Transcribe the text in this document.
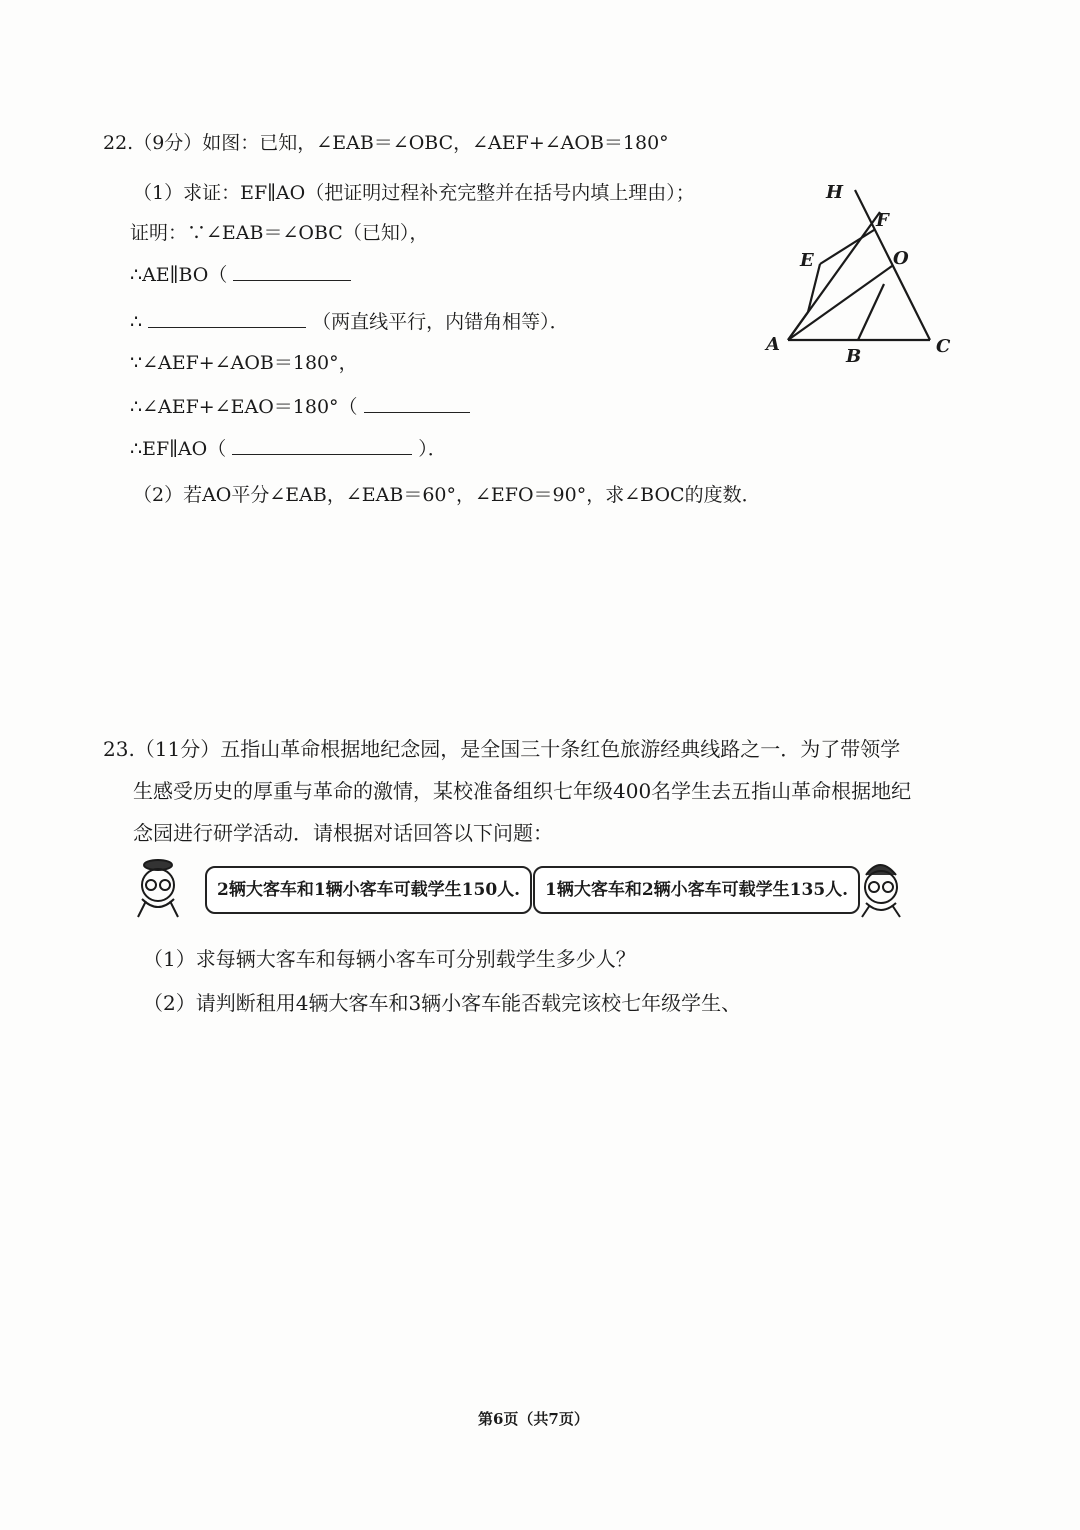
22.（9分）如图：已知，∠EAB＝∠OBC，∠AEF+∠AOB＝180°
（1）求证：EF∥AO（把证明过程补充完整并在括号内填上理由）；
证明：∵∠EAB＝∠OBC（已知），
∴AE∥BO（
∴	（两直线平行，内错角相等）．
∵∠AEF+∠AOB＝180°，
∴∠AEF+∠EAO＝180°（
∴EF∥AO（	）．
（2）若AO平分∠EAB，∠EAB＝60°，∠EFO＝90°，求∠BOC的度数．
H
F
E	O
A
B	C
23.（11分）五指山革命根据地纪念园，是全国三十条红色旅游经典线路之一．为了带领学
生感受历史的厚重与革命的激情，某校准备组织七年级400名学生去五指山革命根据地纪
念园进行研学活动．请根据对话回答以下问题：
2辆大客车和1辆小客车可载学生150人.	1辆大客车和2辆小客车可载学生135人.
（1）求每辆大客车和每辆小客车可分别载学生多少人？
（2）请判断租用4辆大客车和3辆小客车能否载完该校七年级学生、
第6页（共7页）
